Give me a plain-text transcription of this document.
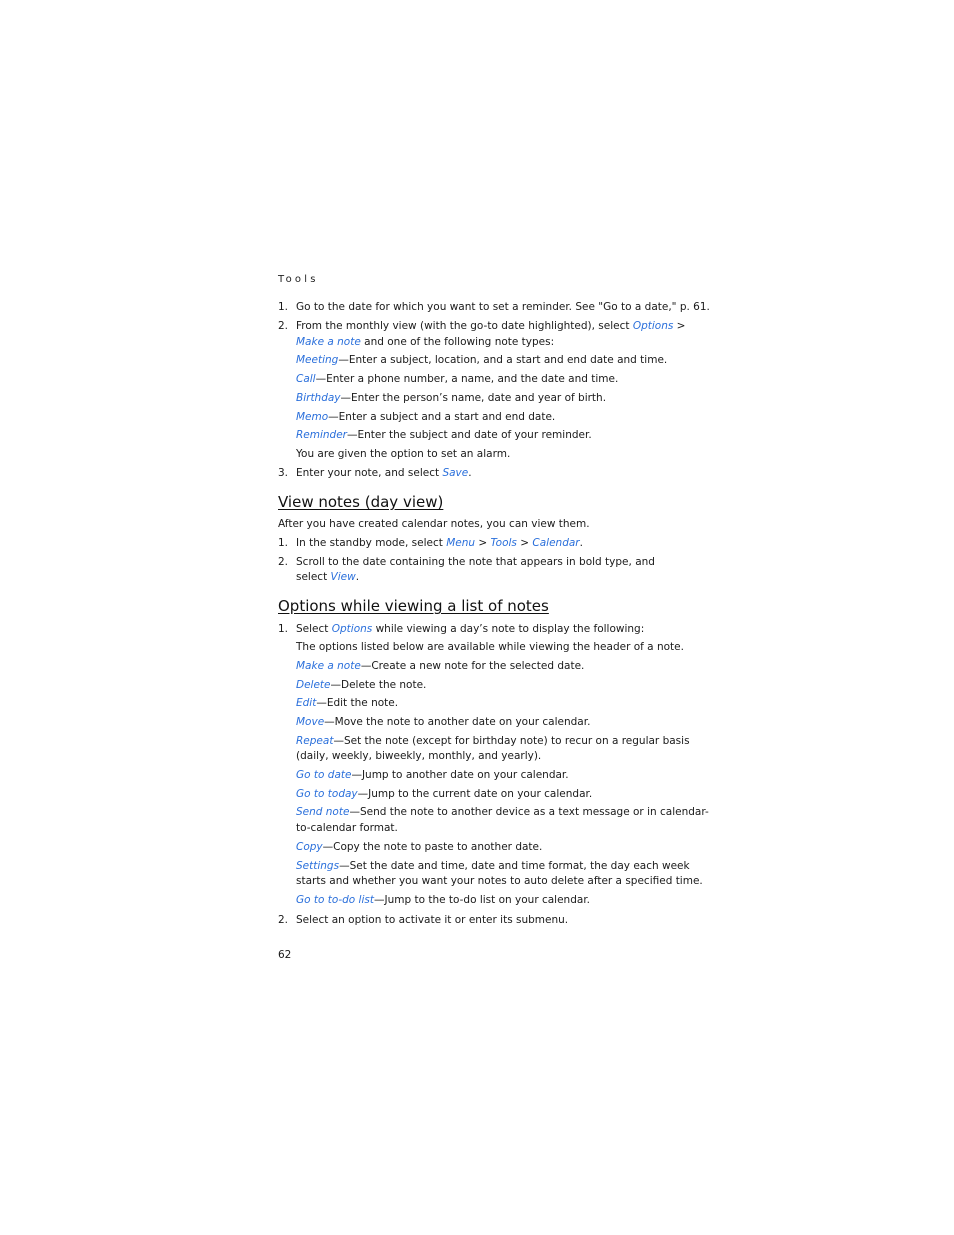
Tools
1. Go to the date for which you want to set a reminder. See "Go to a date," p. 61.
2. From the monthly view (with the go-to date highlighted), select Options >
Make a note and one of the following note types:
Meeting—Enter a subject, location, and a start and end date and time.
Call—Enter a phone number, a name, and the date and time.
Birthday—Enter the person’s name, date and year of birth.
Memo—Enter a subject and a start and end date.
Reminder—Enter the subject and date of your reminder.
You are given the option to set an alarm.
3. Enter your note, and select Save.
View notes (day view)
After you have created calendar notes, you can view them.
1. In the standby mode, select Menu > Tools > Calendar.
2. Scroll to the date containing the note that appears in bold type, and
select View.
Options while viewing a list of notes
1. Select Options while viewing a day’s note to display the following:
The options listed below are available while viewing the header of a note.
Make a note—Create a new note for the selected date.
Delete—Delete the note.
Edit—Edit the note.
Move—Move the note to another date on your calendar.
Repeat—Set the note (except for birthday note) to recur on a regular basis
(daily, weekly, biweekly, monthly, and yearly).
Go to date—Jump to another date on your calendar.
Go to today—Jump to the current date on your calendar.
Send note—Send the note to another device as a text message or in calendar-
to-calendar format.
Copy—Copy the note to paste to another date.
Settings—Set the date and time, date and time format, the day each week
starts and whether you want your notes to auto delete after a specified time.
Go to to-do list—Jump to the to-do list on your calendar.
2. Select an option to activate it or enter its submenu.
62
